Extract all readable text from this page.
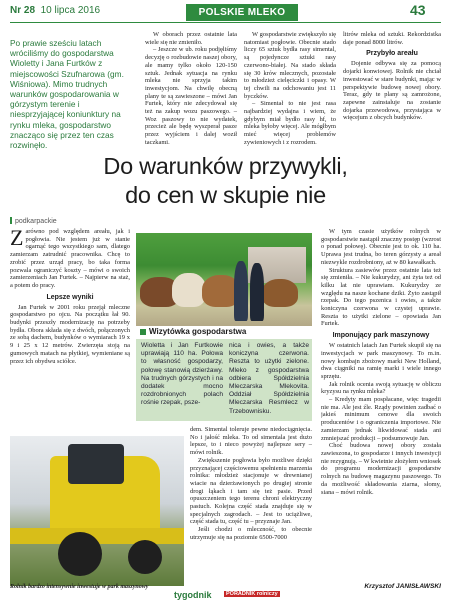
Nr 28 10 lipca 2016	POLSKIE MLEKO	43
Po prawie sześciu latach wróciliśmy do gospodarstwa Wioletty i Jana Furtków z miejscowości Szufnarowa (gm. Wiśniowa). Mimo trudnych warunków gospodarowania w górzystym terenie i niesprzyjającej koniunktury na rynku mleka, gospodarstwo znacząco się przez ten czas rozwinęło.

W oborach przez ostatnie lata wiele się nie zmieniło.

– Jeszcze w ub. roku podjęliśmy decyzję o rozbudowie naszej obory, ale mamy tylko około 120-150 sztuk. Jednak sytuacja na rynku mleka nie sprzyja takim inwestycjom. Na chwilę obecną plany te są zawieszone – mówi Jan Furtek, który nie zdecydował się też na zakup wozu paszowego. – Woz paszowy to nie wydatek, przecież ale będę wyszperał pasze przez wyjściem i dalej woził taczkami.

W gospodarstwie zwiększyło się natomiast pogłowie. Obecnie stado liczy 65 sztuk bydła rasy simental, są pojedyncze sztuki rasy czerwono-białej. Na stado składa się 30 krów mlecznych, pozostałe to młodzież cielęciczki i opasy. W tej chwili na odchowaniu jest 11 byczków.

– Simentał to nie jest rasa najbardziej wydajna i wiem, że gdybym miał bydło rasy hf, to mleka byłoby więcej. Ale mógłbym mieć więcej problemów zywieniowych i z rozrodem.

litrów mleka od sztuki. Rekordzistka daje ponad 8000 litrów.

Przybyło areału

Dojenie odbywa się za pomocą dojarki konwiowej. Rolnik nie chciał inwestować w stare budynki, mając w perspektywie budowę nowej obory. Teraz, gdy te plany są zamrożone, zapewne zainstaluje na zostanie dojarka przewodowa, przystająca w więcejum z obcych budynków.

Do warunków przywykli,
do cen w skupie nie
podkarpackie

Zarówno pod względem areału, jak i pogłowia. Nie jestem już w stanie ogarnąć tego wszystkiego sam, dlatego zamierzam zatrudnić pracownika. Chcę to zrobić przez urząd pracy, bo taka forma pozwala ograniczyć koszty – mówi o swoich zamierzeniach Jan Furtek. – Najpierw na staż, a potem do pracy.

Lepsze wyniki

Jan Furtek w 2001 roku przejął mleczne gospodarstwo po ojcu. Na początku łał 90. budynki przeszły modernizację na potrzeby bydła. Obora składa się z dwóch, połączonych ze sobą dachem, budynków o wymiarach 19 x 9 i 25 x 12 metrów. Zwierzęta stoją na gumowych matach na płytkiej, wymieniane są przez ich obydwu sciółce.

Wizytówka gospodarstwa
Wioletta i Jan Furtkowie uprawiają 110 ha. Połowa to własność gospodarzy, połowę stanowią dzierżawy. Na trudnych górzystych i na dodatek mocno rozdrobnionych polach rośnie rzepak, psze-
nica i owies, a także koniczyna czerwona. Reszta to użytki zielone. Mleko z gospodarstwa odbiera Spółdzielnia Mleczarska Mlekovita. Oddział Spółdzielnia Mleczarska Resmlecz w Trzebownisku.

dem. Simental toleruje pewne niedociągnięcia. No i jałość mleka. To od simentala jest dużo lepsze, to i nieco powyżej najlepsze sery – mówi rolnik.

Zwiększenie pogłowia było możliwe dzięki przyznającej częściowemu spełnieniu marzenia rolnika: młodzież stacjonuje w drewnianej wiacie na dzierżawionych po drugiej stronie drogi łąkach i tam się też pasie. Przed opuszczeniem tego terenu chroni elektryczny pastuch. Kolejna część stada znajduje się w specjalnych zagrodach. – Jest to uciążliwe, część stada tu, część tu – przyznaje Jan.

Jeśli chodzi o mleczność, to obecnie utrzymuje się na poziomie 6500-7000

W tym czasie użytków rolnych w gospodarstwie nastąpił znaczny postęp (wzrost o ponad połowę). Obecnie jest to ok. 110 ha. Uprawa jest trudna, bo teren górzysty a areał niezwykle rozdrobniony, aż w 80 kawałkach.

Struktura zasiewów przez ostatnie lata też się zmieniła. – Nie kukurydzy, ani żyta też od kilku lat nie uprawiam. Kukurydzy ze względu na nasze kochane dziki. Żyto zastąpił rzepak. Do tego pszenica i owies, a także koniczyna czerwona w czystej uprawie. Reszta to użytki zielone – opowiada Jan Furtek.

Imponujący park maszynowy

W ostatnich latach Jan Furtek skupił się na inwestycjach w park maszynowy. To m.in. nowy kombajn zbożowy marki New Holland, dwa ciągniki na ramię marki i wiele innego sprzętu.

Jak rolnik ocenia swoją sytuację w obliczu kryzysu na rynku mleka?

– Kredyty mam pospłacane, więc tragedii nie ma. Ale jest źle. Rządy powinien zadbać o jakieś minimum cenowe dla swoich producentów i o ograniczenia importowe. Nie zamierzam jednak likwidować stada ani zmniejszać produkcji – podsumowuje Jan.

Choć budowa nowej obory została zawieszona, to gospodarze i innych inwestycji nie rezygnują. – W kwietnie złożyłem wniosek do programu modernizacji gospodarstw rolnych na budowę magazynu paszowego. To da możliwość składowania ziarna, słomy, siana – mówi rolnik.

Rolnik bardzo intensywnie inwestuje w park maszynowy	Krzysztof JANISŁAWSKI
tygodnik	PORADNIK rolniczy
